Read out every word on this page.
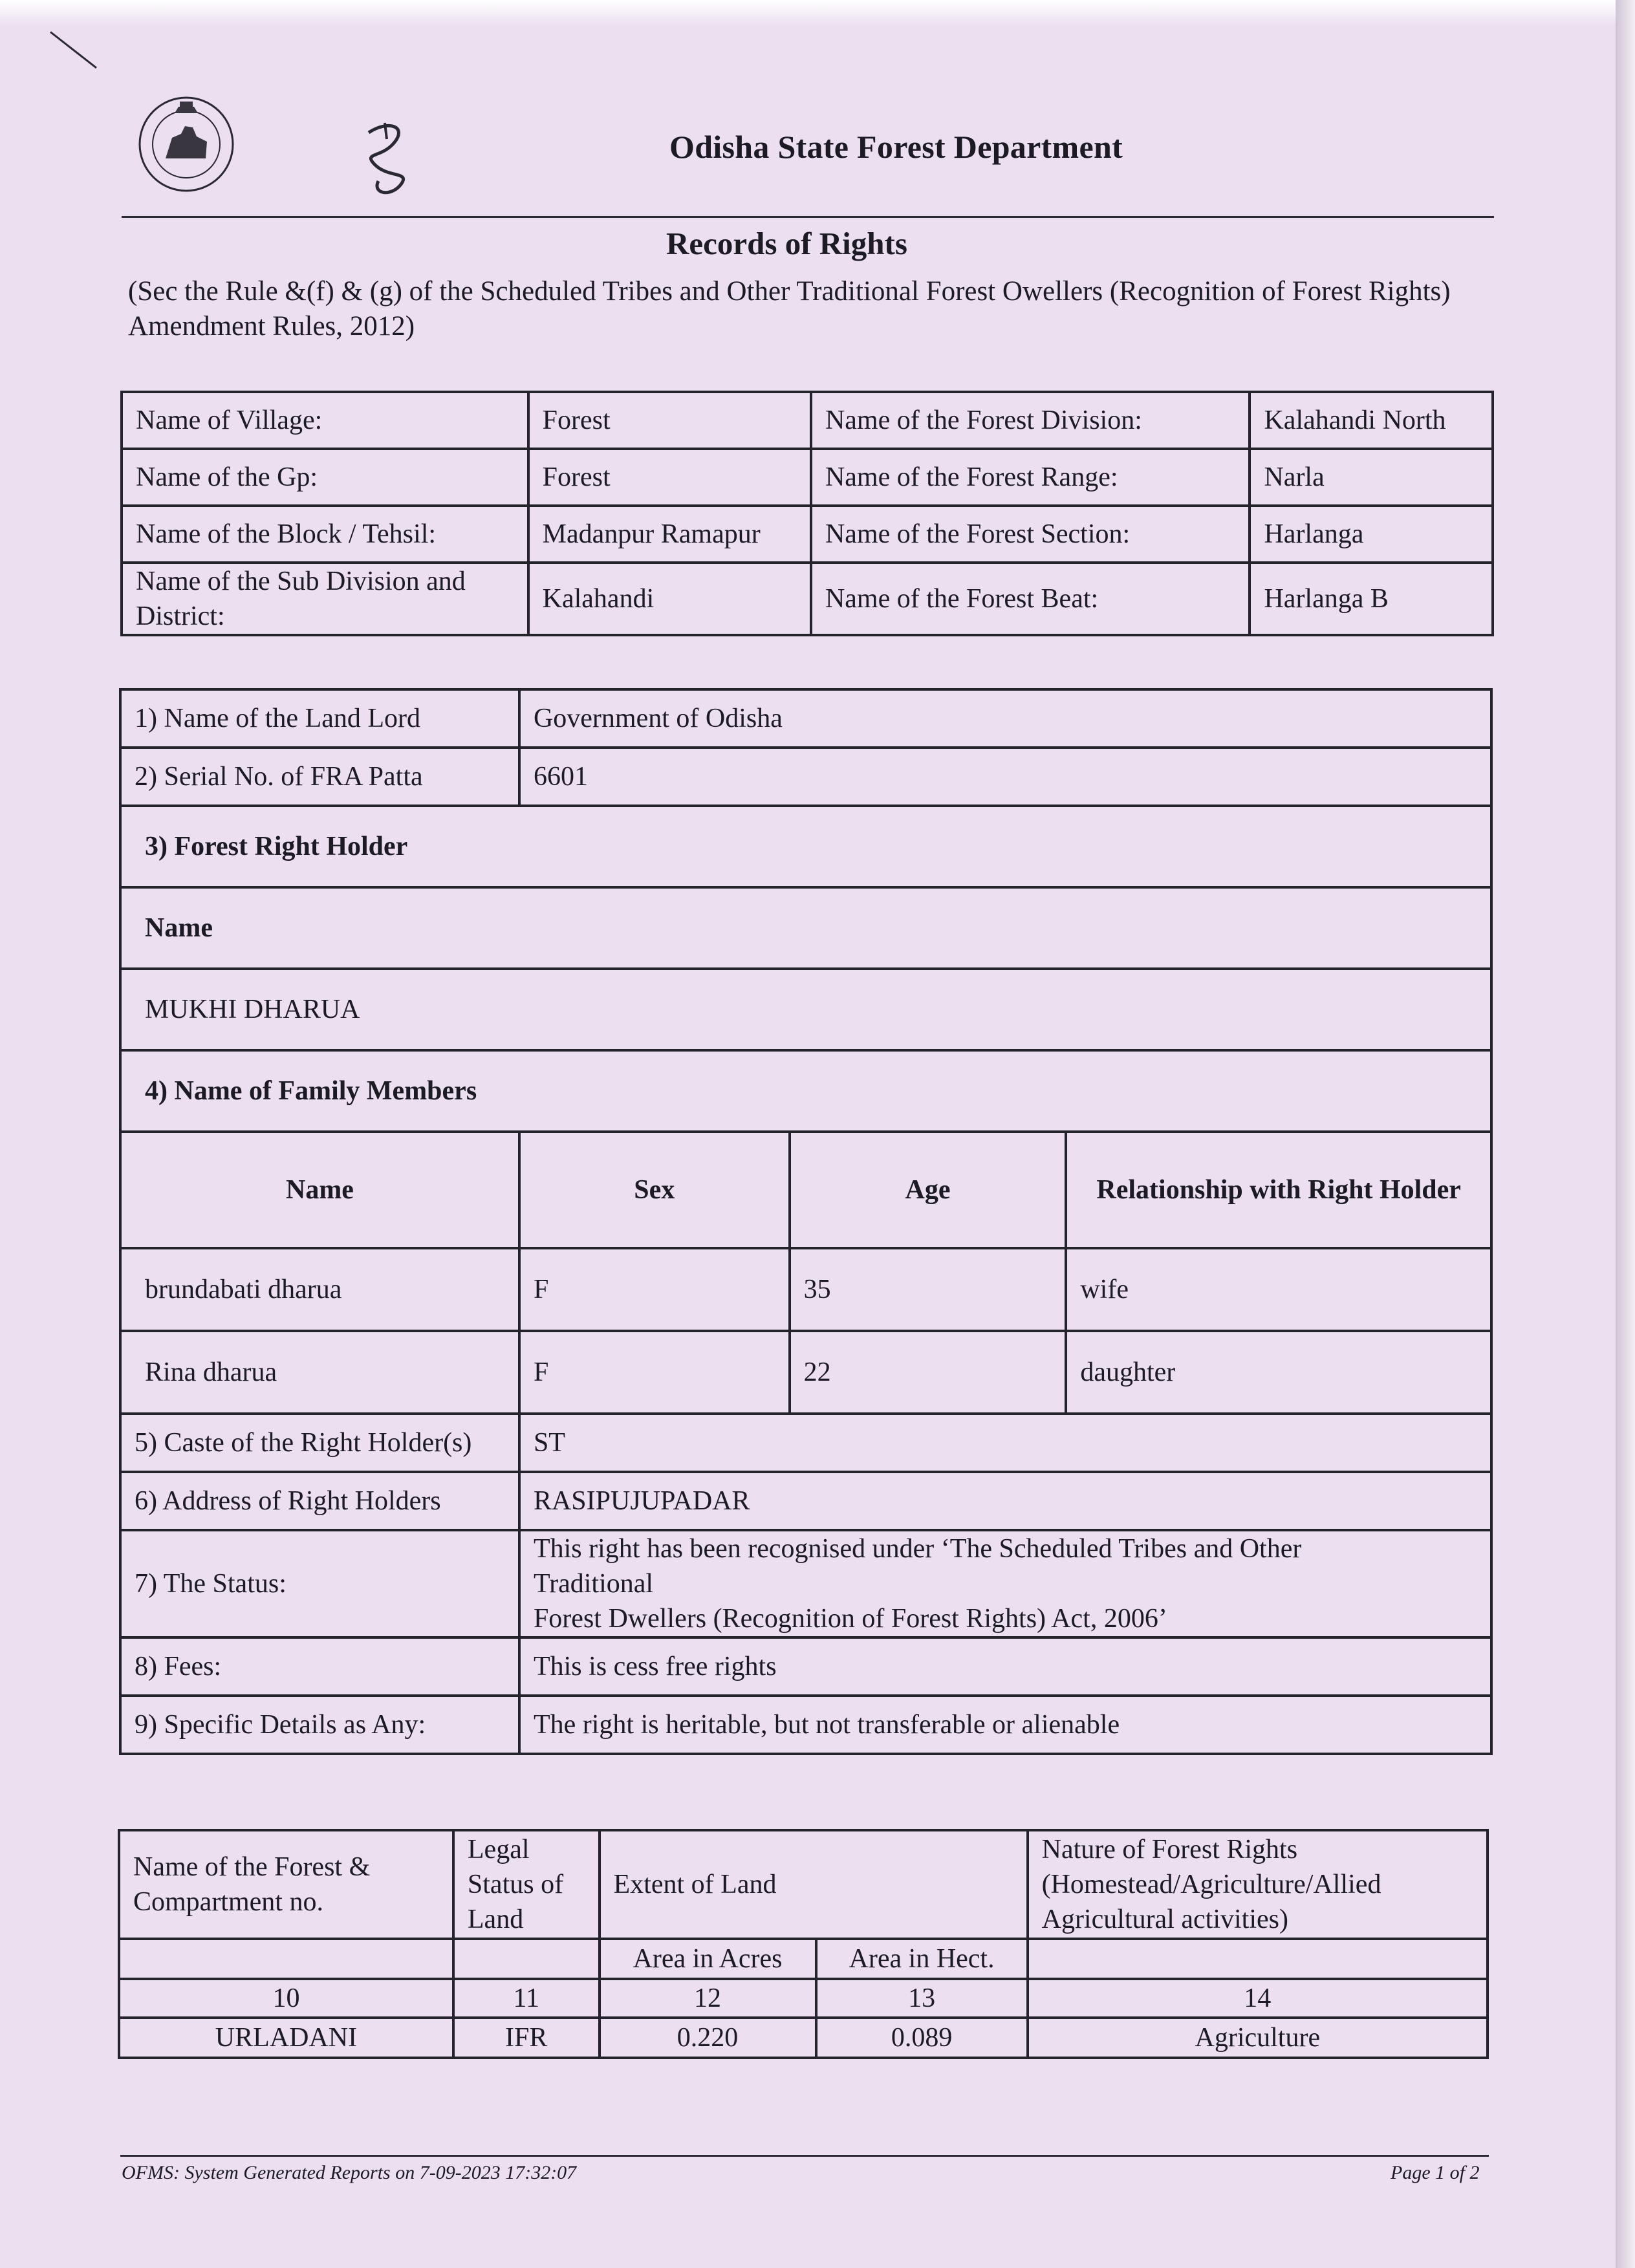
Odisha State Forest Department
Records of Rights
(Sec the Rule &(f) & (g) of the Scheduled Tribes and Other Traditional Forest Owellers (Recognition of Forest Rights) Amendment Rules, 2012)
Name of Village:	Forest	Name of the Forest Division:	Kalahandi North
Name of the Gp:	Forest	Name of the Forest Range:	Narla
Name of the Block / Tehsil:	Madanpur Ramapur	Name of the Forest Section:	Harlanga
Name of the Sub Division and District:	Kalahandi	Name of the Forest Beat:	Harlanga B
1) Name of the Land Lord	Government of Odisha		
2) Serial No. of FRA Patta	6601		
3) Forest Right Holder			
Name			
MUKHI DHARUA			
4) Name of Family Members			
Name	Sex	Age	Relationship with Right Holder
brundabati dharua	F	35	wife
Rina dharua	F	22	daughter
5) Caste of the Right Holder(s)	ST		
6) Address of Right Holders	RASIPUJUPADAR		
7) The Status:	This right has been recognised under ‘The Scheduled Tribes and Other Traditional
Forest Dwellers (Recognition of Forest Rights) Act, 2006’		

8) Fees:	This is cess free rights		
9) Specific Details as Any:	The right is heritable, but not transferable or alienable		
Name of the Forest & Compartment no.	Legal Status of Land	Extent of Land		Nature of Forest Rights (Homestead/Agriculture/Allied Agricultural activities)
		Area in Acres	Area in Hect.	
10	11	12	13	14
URLADANI	IFR	0.220	0.089	Agriculture
OFMS: System Generated Reports on 7-09-2023 17:32:07	Page 1 of 2
